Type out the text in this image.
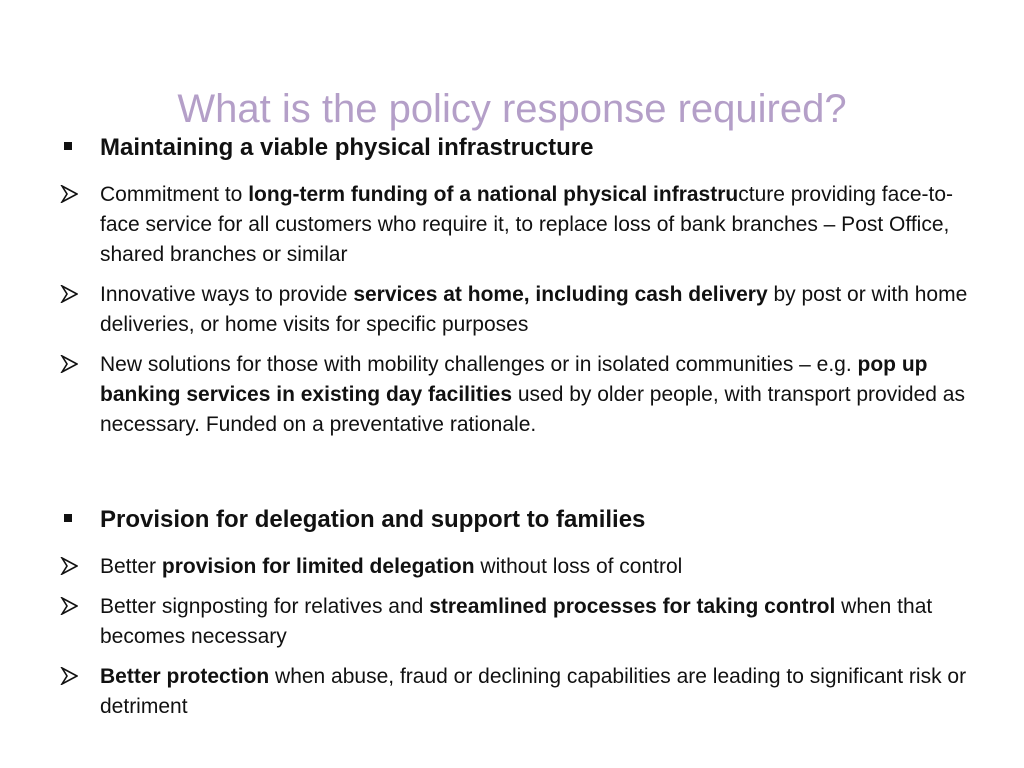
What is the policy response required?
Maintaining a viable physical infrastructure
Commitment to long-term funding of a national physical infrastructure providing face-to-face service for all customers who require it, to replace loss of bank branches – Post Office, shared branches or similar
Innovative ways to provide services at home, including cash delivery by post or with home deliveries, or home visits for specific purposes
New solutions for those with mobility challenges or in isolated communities – e.g. pop up banking services in existing day facilities used by older people, with transport provided as necessary. Funded on a preventative rationale.
Provision for delegation and support to families
Better provision for limited delegation without loss of control
Better signposting for relatives and streamlined processes for taking control when that becomes necessary
Better protection when abuse, fraud or declining capabilities are leading to significant risk or detriment
